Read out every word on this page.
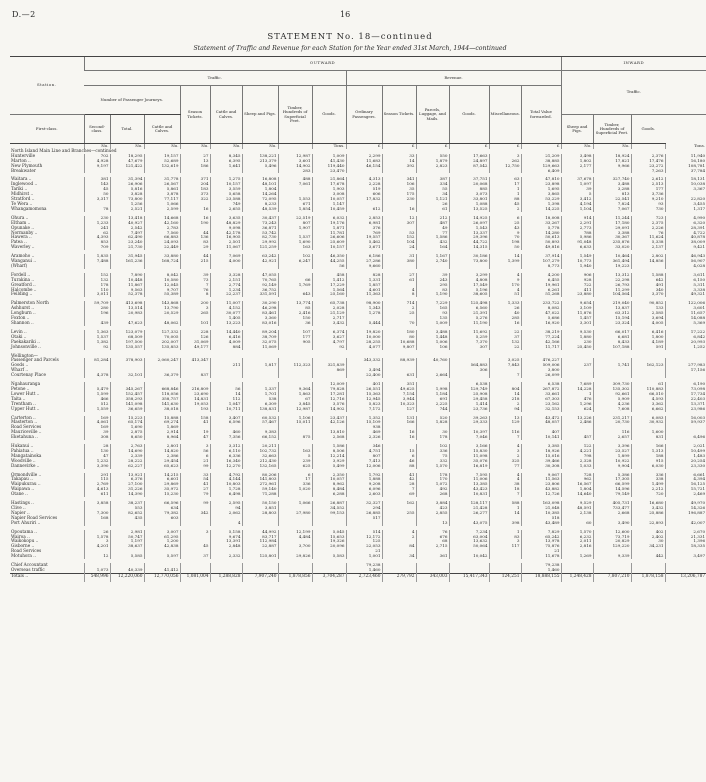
D.—2	16
STATEMENT No. 18—continued
Statement of Traffic and Revenue for each Station for the Year ended 31st March, 1944—continued
Station.	OUTWARD														INWARD			
	Traffic.								Revenue.						Traffic.			

	Number of Passenger Journeys.			Season Tickets.	Cattle and Calves.	Sheep and Pigs.	Timber, Hundreds of Superficial Feet.	Goods.	Ordinary Passengers.	Season Tickets.	Parcels, Luggage, and Mails.	Goods.	Miscellaneous.	Total Value forwarded.				
First-class.	Second-class.	Total.	Cattle and Calves.												Sheep and Pigs.	Timber, Hundreds of Superficial Feet.	Goods.	
	No.	No.	No.	No.	No.	No.		Tons.	£	£	£	£	£	£	No.	No.		Tons.
North Island Main Line and Branches—continued																		
Hunterville	702	18,295	19,157	27	8,345	138,221	12,987	1,009	2,299	33	550	17,663	3	21,209	3,498	18,924	2,376	11,940
Marton ..	4,928	47,679	52,689	13	6,395	213,379	3,601	41,430	11,683	14	1,879	24,897	262	38,885	1,802	17,821	17,476	16,180
New Plymouth	9,197	121,422	132,619	186	1,641	5,496	14,902	119,440	46,154	392	2,823	87,542	12,750	129,663	2,177	9,966	23,272	108,781
Breakwater							283	23,470						6,409			7,263	37,784

Waitara ..	381	31,394	31,778	371	1,275	16,808	488	21,864	4,313	341	387	37,751	63	47,810	37,678	327,740	2,612	18,131
Inglewood ..	143	26,906	26,567	204	10,157	48,101	7,061	17,678	2,228	106	334	20,068	17	23,898	1,097	3,488	2,513	10,038
Tariki ..	45	5,816	5,861	183	3,559	1,804		1,903	519	35	55	885	1	1,695	39	3,288	177	3,367
Midhirst ..	50	3,828	3,878	373	5,658	14,264		3,008	606	175	34	3,073	1	3,865	5	813	3,736	
Stratford ..	3,317	73,800	77,117	322	23,588	72,095	1,553	10,057	17,832	230	1,121	33,801	88	53,229	3,412	22,541	9,210	22,820
Te Wera ..		1,256	1,066		749	8,233	671	1,147			26	1,088	45	1,398	4,194	7,824	93	3,455
Whangamomona	78	2,521	2,599	16	2,655	48,539	1,854	10,459	612	16	61	13,525	2	14,225	1,104	7,067	730	1,317

Ohura ..	230	13,418	14,668	16	3,635	30,437	22,519	6,032	2,853	12	212	14,925	6	18,008	914	11,244	723	4,990
Eltham ..	1,233	40,927	42,160	190	48,829	73,243	807	19,176	6,981	307	487	26,097	25	33,267	2,291	17,180	2,375	6,320
Opunake ..	241	2,542	2,783		9,098	36,871	1,907	1,871	376		49	1,543	43	5,778	2,773	29,091	2,226	28,391
Normanby ..	62	7,497	7,560	44	42,178	53,742		11,781	769	53	77	13,337	9	14,280	788	3,388	76	4,722
Hawera ..	4,393	62,490	66,883	136	16,905	82,730	1,537	26,606	19,557	152	1,586	29,396	70	50,613	5,986	30,367	11,624	40,878
Patea ..	853	23,240	24,093	83	2,501	29,992	1,690	25,609	5,462	104	432	44,722	198	50,893	91,048	235,876	5,338	38,009
Waverley ..	709	21,730	22,449	29	11,067	121,259	163	10,157	3,671	24	164	14,315	50	49,816	6,633	33,020	2,137	9,421

Aramoho ..	1,835	31,945	33,880	44	7,069	63,242	102	46,350	6,186	31	1,167	30,186	14	37,914	1,549	10,464	2,802	46,943
Wanganui ..	7,488	161,236	168,724	215	4,000	42,921	6,247	44,255	27,286	380	2,740	73,800	1,399	107,279	10,773	361,494	14,856	56,907
(Wharf)								56	9,660					8,773	1,940	19,223		4,028

Fordell ..	152	7,890	8,042	39	3,328	47,055		458	828	27	39	3,299	4	4,200	906	13,312	1,588	3,611
Turakina ..	132	10,448	10,580	73	2,151	70,765	66	1,412	1,331	61	243	4,808	9	6,455	928	22,298	642	6,150
Greatford ..	178	11,867	12,045	7	2,774	92,149	1,769	17,229	1,857		295	17,549	170	19,961	722	26,793	491	5,311
Halcombe ..	110	9,563	9,707	76	1,234	36,752		1,564	4,601	4	83	5,196	4	6,261	411	11,299	340	3,338
Feilding ..	3,011	52,378	55,389	8	22,237	331,591	643	25,160	11,363	8	1,190	38,605	51	51,268	23,880	104,564	3,370	49,321

Palmerston North	59,709	413,698	143,868	200	11,007	30,290	13,774	65,738	98,900	714	7,229	125,498	1,333	233,722	9,654	219,040	90,852	122,006
Ashhurst ..	280	13,514	13,790	3	4,152	46,298	85	2,028	1,343	2	165	6,560	26	8,082	3,109	13,837	133	3,601
Longburn ..	196	20,983	20,529	265	30,077	83,461	2,416	21,129	1,278	25	93	21,391	40	47,022	11,876	63,312	2,585	11,657
Foxton ..					1,405	3,360	150	2,717			135	5,276	285	5,686	1,457	15,194	3,694	14,088
Shannon ..	439	47,623	48,062	101	13,223	83,016	36	3,432	5,444	70	1,009	11,190	16	16,920	3,301	23,324	4,005	5,369

Levin ..	1,363	123,079	127,332	228	14,440	89,204	107	6,374	19,820	180	3,488	11,692	22	38,219	9,530	66,017	6,416	17,222
Otaki ..	1,537	68,509	70,005	126	6,416	38,709	177	3,627	10,000	80	1,448	5,259	37	77,224	1,880	6,681	1,800	6,842
Paekakariki ..	1,382	197,500	202,007	31,069	4,009	32,075	905	4,797	28,255	10,688	1,006	7,370	132	42,166	230	8,433	4,189	20,993
Johnsonville ..	92	135,557	135,853	49,177	884	11,069		92	4,077	9,807	106	307	22	11,717	25,450	107,188	591	1,252

Wellington—																		
Passenger and Parcels	81,284	378,903	2,060,247	413,347					343,332	88,939	40,760		3,025	476,227				
Goods ..					211	1,817	112,323	321,839				564,883	7,843	509,006	237	1,741	162,123	277,983
Wharf ..								869	3,494			306		3,800				17,156
Courtenay Place	4,378	32,101	36,379	837					22,400	631	2,664		7	26,099				

Ngahauranga								12,009	401	351		6,538		6,538	7,689	309,730	61	6,190
Petone ..	5,479	345,267	668,846	216,809	56	1,337	9,364	79,828	26,551	49,625	1,998	129,749	804	267,872	14,228	135,302	110,883	73,098
Lower Hutt ..	1,599	152,457	118,056	23,690	14	1,701	1,863	17,281	15,363	7,154	1,184	25,908	14	33,661	1	92,661	66,510	17,734
Taita ..	466	358,293	358,757	14,831	112	538	67	12,716	12,945	3,944	691	29,458	218	67,303	476	5,909	4,593	22,403
Trentham ..	512	141,098	141,630	19,053	1,047	6,309	3,845	3,576	5,823	10,323	2,225	1,414	2	23,162	1,296	4,236	3,362	13,371
Upper Hutt ..	1,559	36,659	38,018	193	10,711	138,831	12,987	14,902	7,172	127	744	23,736	94	32,153	624	7,608	6,662	23,986

Carterton ..	169	15,223	15,888	158	3,407	60,532	1,106	23,437	1,352	131	520	39,263	13	43,472	13,226	231,217	6,083	16,003
Masterton ..	4,061	65,174	69,274	41	6,596	57,467	15,011	42,126	15,109	166	1,828	29,333	129	48,057	2,486	20,730	30,932	59,937
Road Services	169	1,690	1,869						938									
Mauriceville ..	39	2,875	2,914	19	460	9,383		13,810	469	16	30	10,397	116	407		116	1,600	
Eketahuna ..	308	8,650	8,964	47	7,356	66,152	875	2,568	2,326	16	178	7,046	7	10,141	457	2,657	831	6,496

Hukanui ..	28	2,763	2,801	3	3,312	20,211		1,586	346		102	3,166	4	3,385	122	3,396	166	2,021
Pahiatua ..	130	14,690	14,820	56	6,110	102,732	163	8,506	4,751	15	336	15,830	3	18,926	4,221	23,527	1,313	10,499
Mangatainoka	47	2,339	2,386	6	6,336	32,663	5	12,214	807	6	75	11,098	2	15,016	798	1,899	188	1,483
Woodville ..	1,232	28,222	29,454	21	16,340	212,430	239	3,929	7,413	46	332	35,076	325	39,466	2,328	10,922	915	20,254
Dannevirke ..	3,390	62,227	65,623	99	12,270	132,165	625	5,499	12,006	88	1,570	16,819	77	30,308	1,033	9,904	6,030	23,330

Ormondville ..	291	13,921	14,215	33	4,792	80,206	6	2,350	1,792	41	178	7,595	4	9,067	728	5,386	336	6,661
Takapau ..	115	6,376	6,601	54	4,144	141,803	17	10,057	1,888	42	170	11,006	4	11,563	962	17,305	338	4,394
Waipukurau ..	2,769	27,100	29,869	41	10,803	272,961	336	8,962	9,208	28	1,072	13,385	38	23,806	16,567	66,599	1,499	16,125
Waipawa ..	4,613	31,226	35,972	27	1,728	59,140	1,020	8,484	6,096	7	492	43,423	18	43,882	1,804	14,596	2,212	15,721
Otane ..	611	14,390	15,230	79	6,498	71,288		6,288	2,603	69	268	10,831	7	12,726	14,640	79,149	720	2,469

Hastings ..	3,858	38,237	66,596	99	2,595	50,150	1,066	26,887	32,327	162	3,884	128,117	588	163,098	9,529	405,731	16,680	49,970
Clive ..		553	634		94	3,851		34,552	294		423	21,428	1	21,048	48,591	733,477	3,432	14,326
Napier ..	7,300	82,652	79,382	342	2,062	28,803	27,980	99,153	26,885	255	2,855	26,277	14	10,385	2,138	2,668	25,886	196,887
Napier Road Services	168	435	603						517					518				
Port Ahuriri ..					4						13	43,075	398	43,489	60	3,490	22,893	42,007

Opoutama ..	26	2,981	3,007	3	5,158	44,992	12,199	5,045	514	4	76	7,234	1	7,829	1,570	12,600	402	2,670
Wairoa ..	1,578	50,747	61,295		9,674	83,717	4,484	15,653	12,172	2	676	63,004	83	65,242	6,232	73,719	2,402	21,331
Waikokopu ..	3	1,197	1,200		13,391	112,984		19,326	125		68	13,632	3	13,978	2,011	20,829	30	1,396
Gisborne ..	4,201	38,637	42,838	45	2,848	22,887	3,700	20,096	22,053	84	2,715	50,064	117	75,876	2,816	129,220	34,231	18,335
Road Services									21					21				
Motuhora ..	12	5,585	5,597	37	2,332	125,801	29,826	5,583	1,001	34	361	10,042		11,678	1,269	9,339	442	3,497

Chief Accountant									79,238					79,238				
Overseas traffic	1,073	40,339	41,412						1,460					1,460				
Totals ..	548,996	12,220,060	12,770,056	1,081,004	1,288,828	7,907,240	1,878,856	3,704,287	2,723,460	279,792	343,003	15,417,343	124,251	18,888,155	1,248,428	7,807,210	1,878,158	13,206,787
